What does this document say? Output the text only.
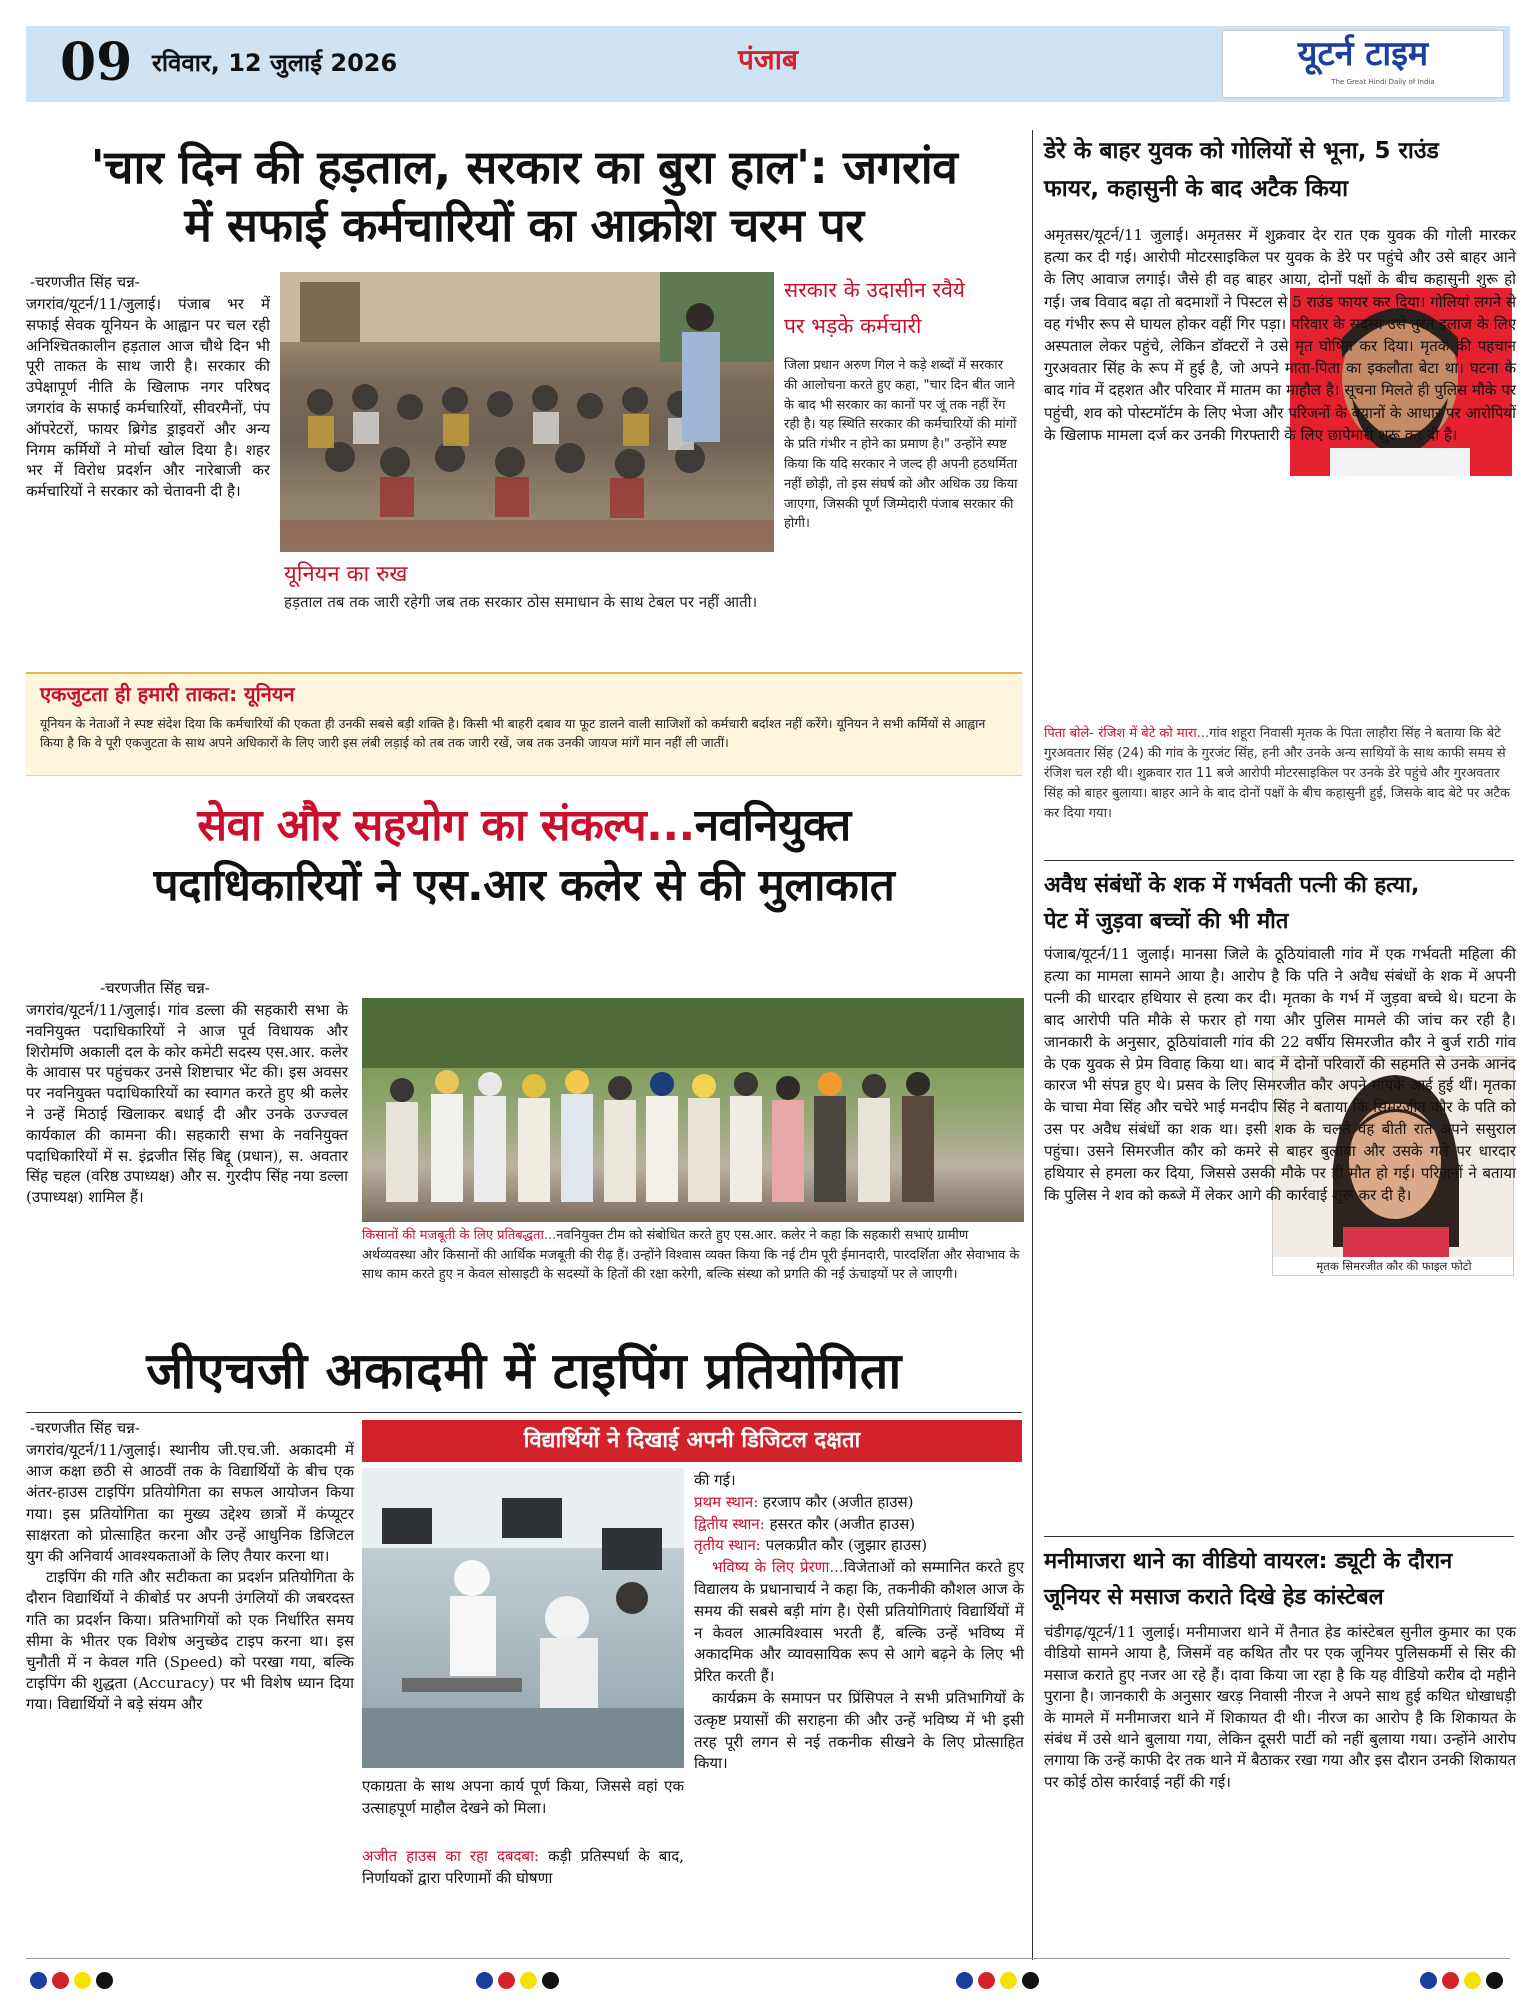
09 रविवार, 12 जुलाई 2026	पंजाब	यूटर्न टाइम
The Great Hindi Daily of India
'चार दिन की हड़ताल, सरकार का बुरा हाल': जगरांव
में सफाई कर्मचारियों का आक्रोश चरम पर
-चरणजीत सिंह चन्न-
जगरांव/यूटर्न/11/जुलाई। पंजाब भर में सफाई सेवक यूनियन के आह्वान पर चल रही अनिश्चितकालीन हड़ताल आज चौथे दिन भी पूरी ताकत के साथ जारी है। सरकार की उपेक्षापूर्ण नीति के खिलाफ नगर परिषद जगरांव के सफाई कर्मचारियों, सीवरमैनों, पंप ऑपरेटरों, फायर ब्रिगेड ड्राइवरों और अन्य निगम कर्मियों ने मोर्चा खोल दिया है। शहर भर में विरोध प्रदर्शन और नारेबाजी कर कर्मचारियों ने सरकार को चेतावनी दी है।
यूनियन का रुख
हड़ताल तब तक जारी रहेगी जब तक सरकार ठोस समाधान के साथ टेबल पर नहीं आती।
सरकार के उदासीन रवैये
पर भड़के कर्मचारी
जिला प्रधान अरुण गिल ने कड़े शब्दों में सरकार की आलोचना करते हुए कहा, "चार दिन बीत जाने के बाद भी सरकार का कानों पर जूं तक नहीं रेंग रही है। यह स्थिति सरकार की कर्मचारियों की मांगों के प्रति गंभीर न होने का प्रमाण है।" उन्होंने स्पष्ट किया कि यदि सरकार ने जल्द ही अपनी हठधर्मिता नहीं छोड़ी, तो इस संघर्ष को और अधिक उग्र किया जाएगा, जिसकी पूर्ण जिम्मेदारी पंजाब सरकार की होगी।
एकजुटता ही हमारी ताकत: यूनियन
यूनियन के नेताओं ने स्पष्ट संदेश दिया कि कर्मचारियों की एकता ही उनकी सबसे बड़ी शक्ति है। किसी भी बाहरी दबाव या फूट डालने वाली साजिशों को कर्मचारी बर्दाश्त नहीं करेंगे। यूनियन ने सभी कर्मियों से आह्वान किया है कि वे पूरी एकजुटता के साथ अपने अधिकारों के लिए जारी इस लंबी लड़ाई को तब तक जारी रखें, जब तक उनकी जायज मांगें मान नहीं ली जातीं।
सेवा और सहयोग का संकल्प...नवनियुक्त
पदाधिकारियों ने एस.आर कलेर से की मुलाकात
-चरणजीत सिंह चन्न-
जगरांव/यूटर्न/11/जुलाई। गांव डल्ला की सहकारी सभा के नवनियुक्त पदाधिकारियों ने आज पूर्व विधायक और शिरोमणि अकाली दल के कोर कमेटी सदस्य एस.आर. कलेर के आवास पर पहुंचकर उनसे शिष्टाचार भेंट की। इस अवसर पर नवनियुक्त पदाधिकारियों का स्वागत करते हुए श्री कलेर ने उन्हें मिठाई खिलाकर बधाई दी और उनके उज्ज्वल कार्यकाल की कामना की। सहकारी सभा के नवनियुक्त पदाधिकारियों में स. इंद्रजीत सिंह बिद्दू (प्रधान), स. अवतार सिंह चहल (वरिष्ठ उपाध्यक्ष) और स. गुरदीप सिंह नया डल्ला (उपाध्यक्ष) शामिल हैं।
किसानों की मजबूती के लिए प्रतिबद्धता...नवनियुक्त टीम को संबोधित करते हुए एस.आर. कलेर ने कहा कि सहकारी सभाएं ग्रामीण अर्थव्यवस्था और किसानों की आर्थिक मजबूती की रीढ़ हैं। उन्होंने विश्वास व्यक्त किया कि नई टीम पूरी ईमानदारी, पारदर्शिता और सेवाभाव के साथ काम करते हुए न केवल सोसाइटी के सदस्यों के हितों की रक्षा करेगी, बल्कि संस्था को प्रगति की नई ऊंचाइयों पर ले जाएगी।
जीएचजी अकादमी में टाइपिंग प्रतियोगिता
-चरणजीत सिंह चन्न-
जगरांव/यूटर्न/11/जुलाई। स्थानीय जी.एच.जी. अकादमी में आज कक्षा छठी से आठवीं तक के विद्यार्थियों के बीच एक अंतर-हाउस टाइपिंग प्रतियोगिता का सफल आयोजन किया गया। इस प्रतियोगिता का मुख्य उद्देश्य छात्रों में कंप्यूटर साक्षरता को प्रोत्साहित करना और उन्हें आधुनिक डिजिटल युग की अनिवार्य आवश्यकताओं के लिए तैयार करना था।
टाइपिंग की गति और सटीकता का प्रदर्शन प्रतियोगिता के दौरान विद्यार्थियों ने कीबोर्ड पर अपनी उंगलियों की जबरदस्त गति का प्रदर्शन किया। प्रतिभागियों को एक निर्धारित समय सीमा के भीतर एक विशेष अनुच्छेद टाइप करना था। इस चुनौती में न केवल गति (Speed) को परखा गया, बल्कि टाइपिंग की शुद्धता (Accuracy) पर भी विशेष ध्यान दिया गया। विद्यार्थियों ने बड़े संयम और
विद्यार्थियों ने दिखाई अपनी डिजिटल दक्षता
एकाग्रता के साथ अपना कार्य पूर्ण किया, जिससे वहां एक उत्साहपूर्ण माहौल देखने को मिला।
अजीत हाउस का रहा दबदबा: कड़ी प्रतिस्पर्धा के बाद, निर्णायकों द्वारा परिणामों की घोषणा
की गई।
प्रथम स्थान: हरजाप कौर (अजीत हाउस)
द्वितीय स्थान: हसरत कौर (अजीत हाउस)
तृतीय स्थान: पलकप्रीत कौर (जुझार हाउस)
भविष्य के लिए प्रेरणा...विजेताओं को सम्मानित करते हुए विद्यालय के प्रधानाचार्य ने कहा कि, तकनीकी कौशल आज के समय की सबसे बड़ी मांग है। ऐसी प्रतियोगिताएं विद्यार्थियों में न केवल आत्मविश्वास भरती हैं, बल्कि उन्हें भविष्य में अकादमिक और व्यावसायिक रूप से आगे बढ़ने के लिए भी प्रेरित करती हैं।
कार्यक्रम के समापन पर प्रिंसिपल ने सभी प्रतिभागियों के उत्कृष्ट प्रयासों की सराहना की और उन्हें भविष्य में भी इसी तरह पूरी लगन से नई तकनीक सीखने के लिए प्रोत्साहित किया।
डेरे के बाहर युवक को गोलियों से भूना, 5 राउंड
फायर, कहासुनी के बाद अटैक किया
अमृतसर/यूटर्न/11 जुलाई। अमृतसर में शुक्रवार देर रात एक युवक की गोली मारकर हत्या कर दी गई। आरोपी मोटरसाइकिल पर युवक के डेरे पर पहुंचे और उसे बाहर आने के लिए आवाज लगाई। जैसे ही वह बाहर आया, दोनों पक्षों के बीच कहासुनी शुरू हो गई। जब विवाद बढ़ा तो बदमाशों ने पिस्टल से 5 राउंड फायर कर दिया। गोलियां लगने से वह गंभीर रूप से घायल होकर वहीं गिर पड़ा। परिवार के सदस्य उसे तुरंत इलाज के लिए अस्पताल लेकर पहुंचे, लेकिन डॉक्टरों ने उसे मृत घोषित कर दिया। मृतक की पहचान गुरअवतार सिंह के रूप में हुई है, जो अपने माता-पिता का इकलौता बेटा था। घटना के बाद गांव में दहशत और परिवार में मातम का माहौल है। सूचना मिलते ही पुलिस मौके पर पहुंची, शव को पोस्टमॉर्टम के लिए भेजा और परिजनों के बयानों के आधार पर आरोपियों के खिलाफ मामला दर्ज कर उनकी गिरफ्तारी के लिए छापेमारी शुरू कर दी है।
पिता बोले- रंजिश में बेटे को मारा...गांव शहूरा निवासी मृतक के पिता लाहौरा सिंह ने बताया कि बेटे गुरअवतार सिंह (24) की गांव के गुरजंट सिंह, हनी और उनके अन्य साथियों के साथ काफी समय से रंजिश चल रही थी। शुक्रवार रात 11 बजे आरोपी मोटरसाइकिल पर उनके डेरे पहुंचे और गुरअवतार सिंह को बाहर बुलाया। बाहर आने के बाद दोनों पक्षों के बीच कहासुनी हुई, जिसके बाद बेटे पर अटैक कर दिया गया।
अवैध संबंधों के शक में गर्भवती पत्नी की हत्या,
पेट में जुड़वा बच्चों की भी मौत
मृतक सिमरजीत कौर की फाइल फोटो
पंजाब/यूटर्न/11 जुलाई। मानसा जिले के ठूठियांवाली गांव में एक गर्भवती महिला की हत्या का मामला सामने आया है। आरोप है कि पति ने अवैध संबंधों के शक में अपनी पत्नी की धारदार हथियार से हत्या कर दी। मृतका के गर्भ में जुड़वा बच्चे थे। घटना के बाद आरोपी पति मौके से फरार हो गया और पुलिस मामले की जांच कर रही है। जानकारी के अनुसार, ठूठियांवाली गांव की 22 वर्षीय सिमरजीत कौर ने बुर्ज राठी गांव के एक युवक से प्रेम विवाह किया था। बाद में दोनों परिवारों की सहमति से उनके आनंद कारज भी संपन्न हुए थे। प्रसव के लिए सिमरजीत कौर अपने मायके आई हुई थीं। मृतका के चाचा मेवा सिंह और चचेरे भाई मनदीप सिंह ने बताया कि सिमरजीत कौर के पति को उस पर अवैध संबंधों का शक था। इसी शक के चलते वह बीती रात अपने ससुराल पहुंचा। उसने सिमरजीत कौर को कमरे से बाहर बुलाया और उसके गले पर धारदार हथियार से हमला कर दिया, जिससे उसकी मौके पर ही मौत हो गई। परिजनों ने बताया कि पुलिस ने शव को कब्जे में लेकर आगे की कार्रवाई शुरू कर दी है।
मनीमाजरा थाने का वीडियो वायरल: ड्यूटी के दौरान
जूनियर से मसाज कराते दिखे हेड कांस्टेबल
चंडीगढ़/यूटर्न/11 जुलाई। मनीमाजरा थाने में तैनात हेड कांस्टेबल सुनील कुमार का एक वीडियो सामने आया है, जिसमें वह कथित तौर पर एक जूनियर पुलिसकर्मी से सिर की मसाज कराते हुए नजर आ रहे हैं। दावा किया जा रहा है कि यह वीडियो करीब दो महीने पुराना है। जानकारी के अनुसार खरड़ निवासी नीरज ने अपने साथ हुई कथित धोखाधड़ी के मामले में मनीमाजरा थाने में शिकायत दी थी। नीरज का आरोप है कि शिकायत के संबंध में उसे थाने बुलाया गया, लेकिन दूसरी पार्टी को नहीं बुलाया गया। उन्होंने आरोप लगाया कि उन्हें काफी देर तक थाने में बैठाकर रखा गया और इस दौरान उनकी शिकायत पर कोई ठोस कार्रवाई नहीं की गई।
